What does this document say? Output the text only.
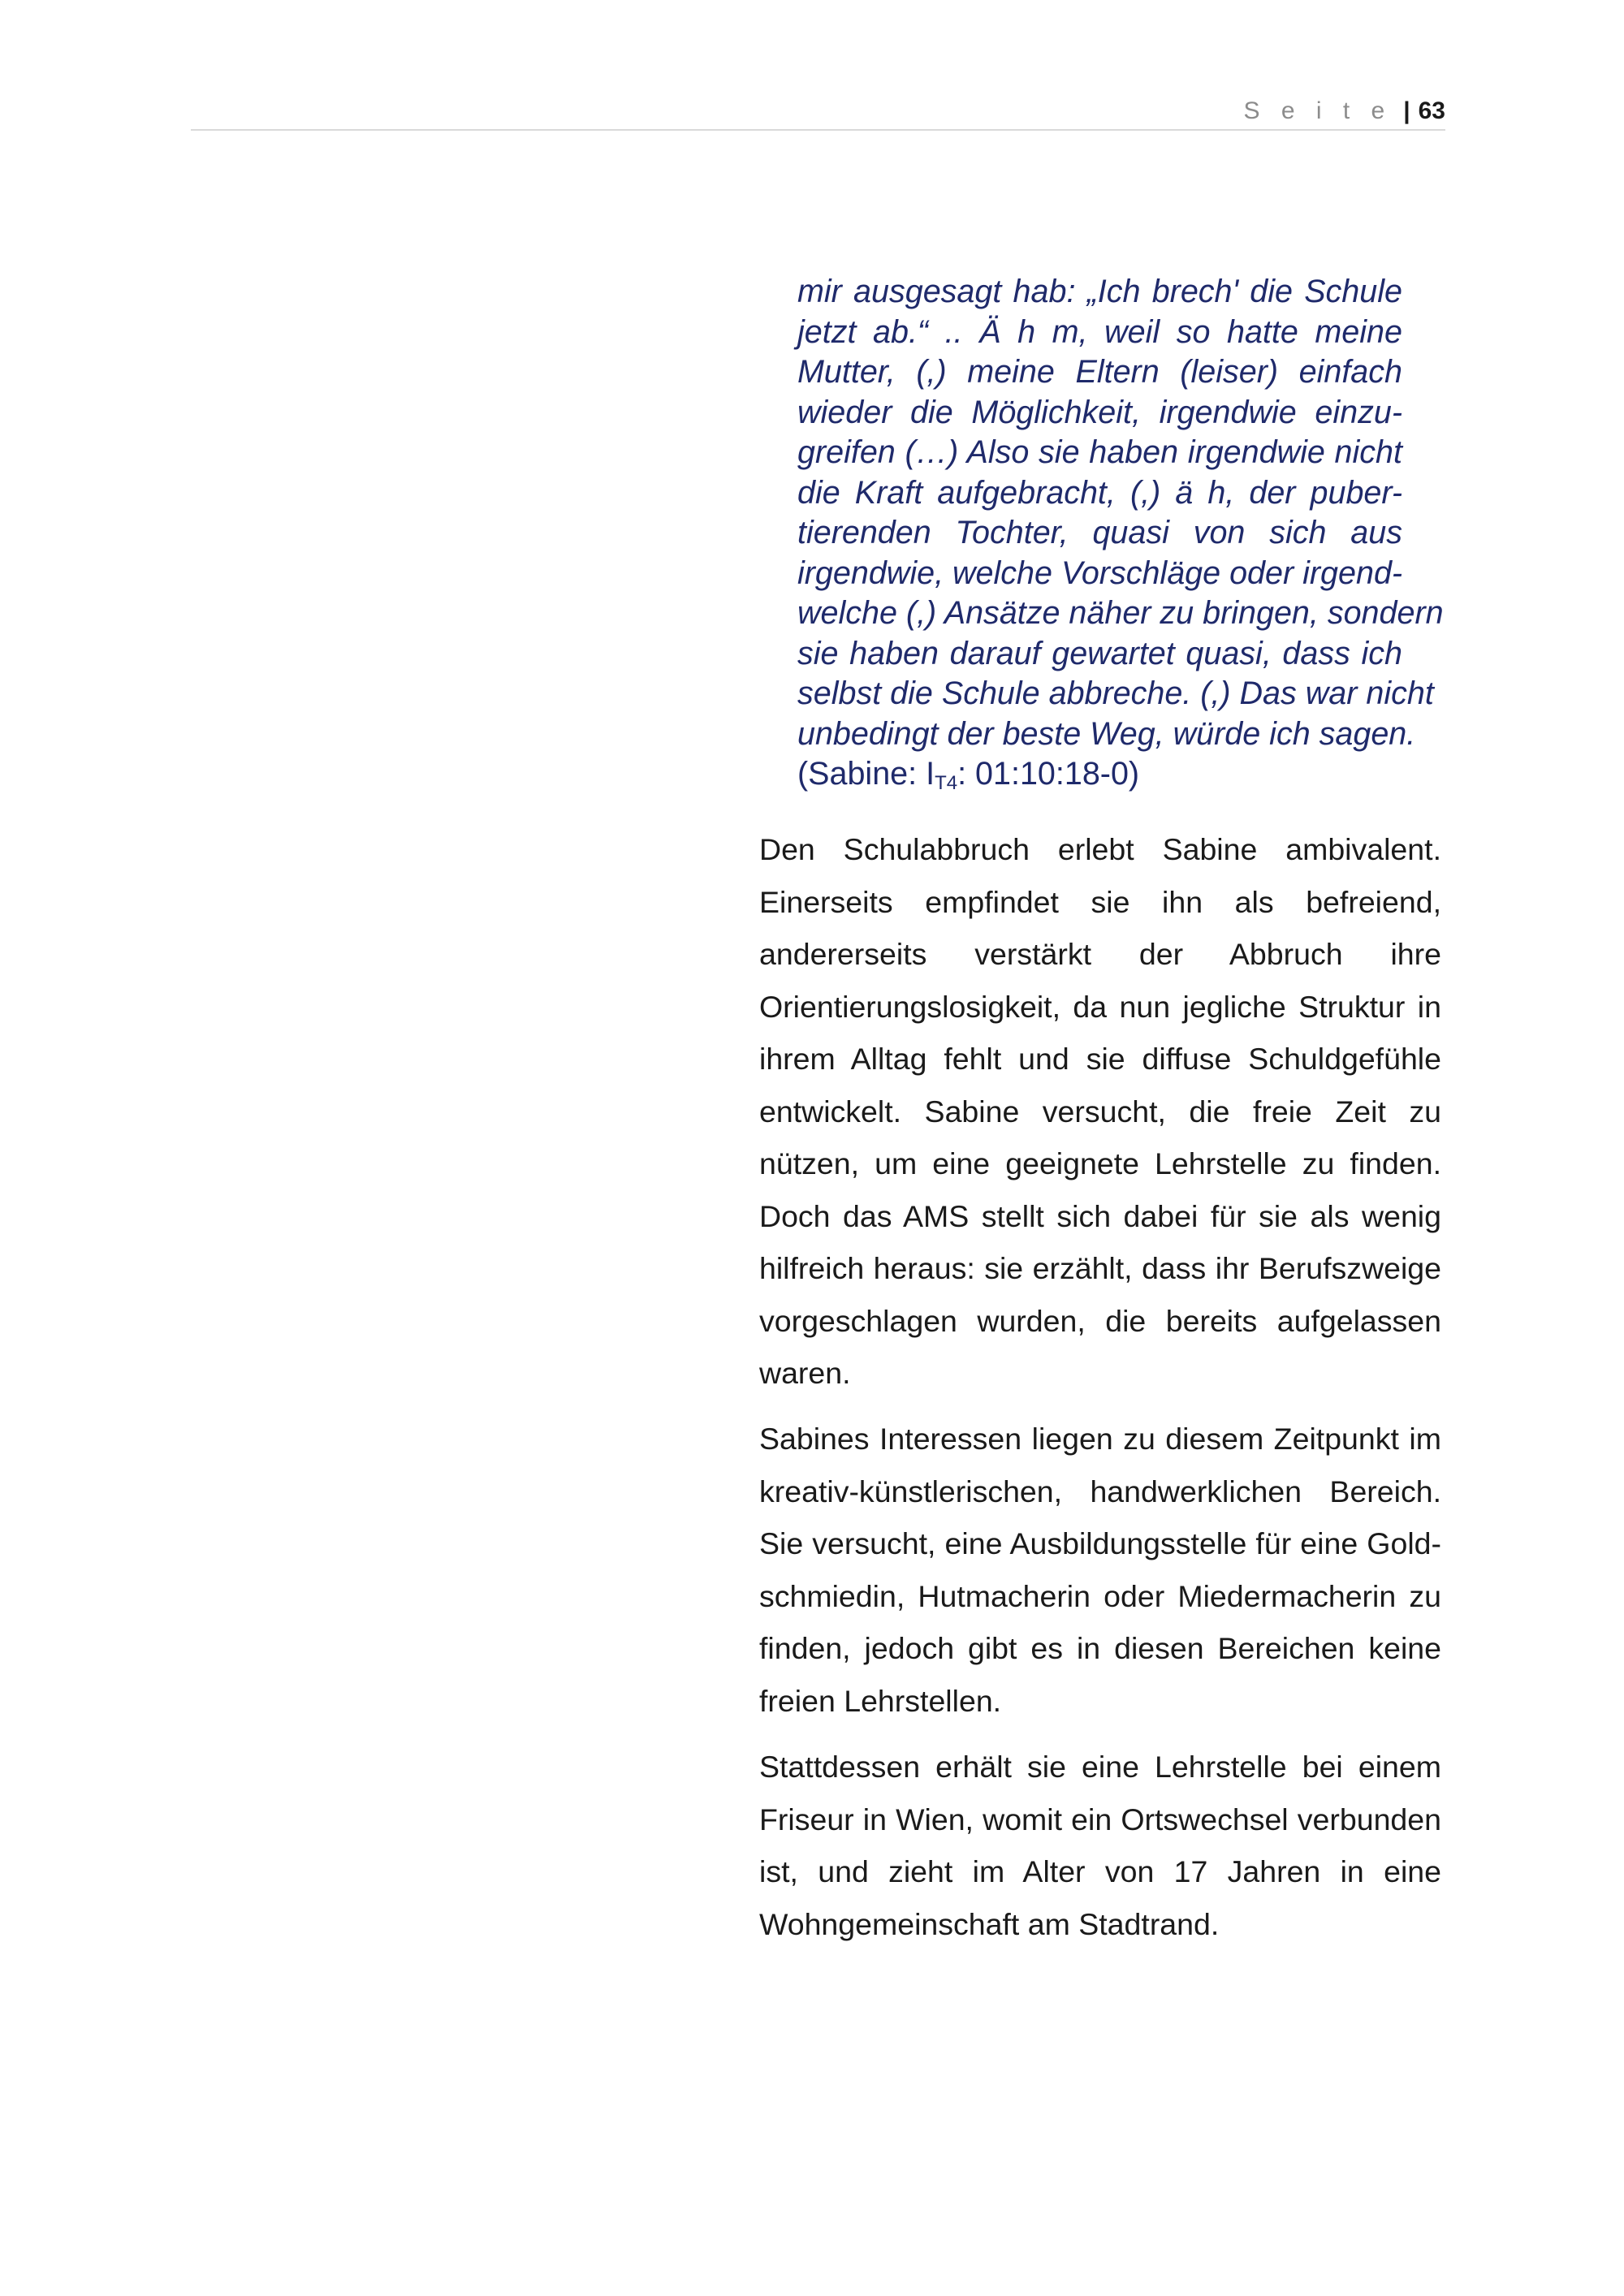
S e i t e | 63
mir ausgesagt hab: „Ich brech' die Schule
jetzt ab.“ .. Ä h m, weil so hatte meine
Mutter, (,) meine Eltern (leiser) einfach
wieder die Möglichkeit, irgendwie einzu-
greifen (…) Also sie haben irgendwie nicht
die Kraft aufgebracht, (,) ä h, der puber-
tierenden Tochter, quasi von sich aus
irgendwie, welche Vorschläge oder irgend-
welche (,) Ansätze näher zu bringen, sondern
sie haben darauf gewartet quasi, dass ich
selbst die Schule abbreche. (,) Das war nicht
unbedingt der beste Weg, würde ich sagen.
(Sabine: $I_{T4}$: 01:10:18-0)
Den Schulabbruch erlebt Sabine ambivalent.
Einerseits empfindet sie ihn als befreiend,
andererseits verstärkt der Abbruch ihre
Orientierungslosigkeit, da nun jegliche Struktur in
ihrem Alltag fehlt und sie diffuse Schuldgefühle
entwickelt. Sabine versucht, die freie Zeit zu
nützen, um eine geeignete Lehrstelle zu finden.
Doch das AMS stellt sich dabei für sie als wenig
hilfreich heraus: sie erzählt, dass ihr Berufszweige
vorgeschlagen wurden, die bereits aufgelassen
waren.
Sabines Interessen liegen zu diesem Zeitpunkt im
kreativ-künstlerischen, handwerklichen Bereich.
Sie versucht, eine Ausbildungsstelle für eine Gold-
schmiedin, Hutmacherin oder Miedermacherin zu
finden, jedoch gibt es in diesen Bereichen keine
freien Lehrstellen.
Stattdessen erhält sie eine Lehrstelle bei einem
Friseur in Wien, womit ein Ortswechsel verbunden
ist, und zieht im Alter von 17 Jahren in eine
Wohngemeinschaft am Stadtrand.
